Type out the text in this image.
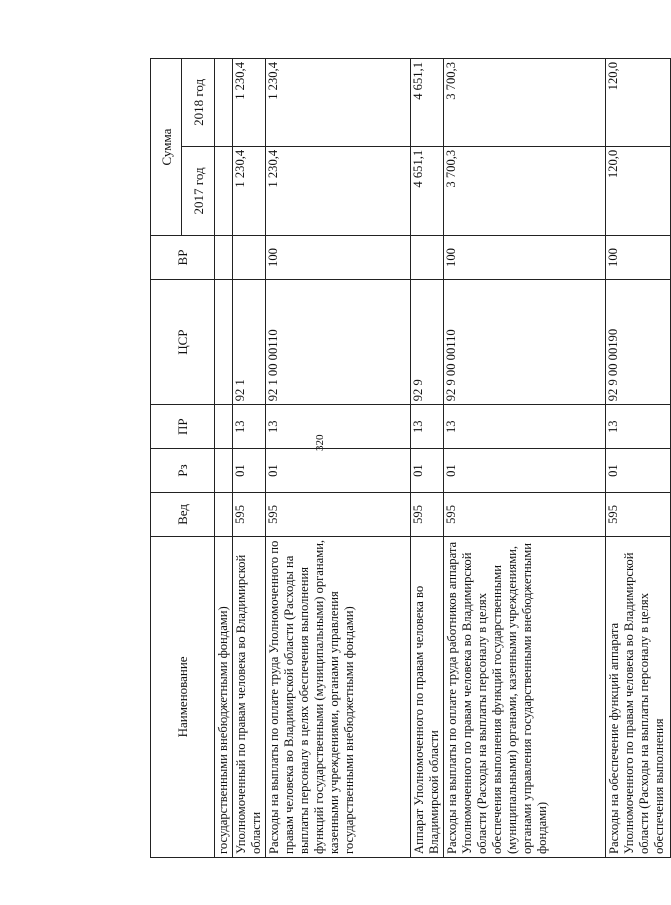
320
Наименование	Вед	Рз	ПР	ЦСР	ВР	Сумма	
						2017 год	2018 год
государственными внебюджетными фондами)							
Уполномоченный по правам человека во Владимирской области	595	01	13	92 1		1 230,4	1 230,4
Расходы на выплаты по оплате труда Уполномоченного по правам человека во Владимирской области (Расходы на выплаты персоналу в целях обеспечения выполнения функций государственными (муниципальными) органами, казенными учреждениями, органами управления государственными внебюджетными фондами)	595	01	13	92 1 00 00110	100	1 230,4	1 230,4
Аппарат Уполномоченного по правам человека во Владимирской области	595	01	13	92 9		4 651,1	4 651,1
Расходы на выплаты по оплате труда работников аппарата Уполномоченного по правам человека во Владимирской области (Расходы на выплаты персоналу в целях обеспечения выполнения функций государственными (муниципальными) органами, казенными учреждениями, органами управления государственными внебюджетными фондами)	595	01	13	92 9 00 00110	100	3 700,3	3 700,3
Расходы на обеспечение функций аппарата Уполномоченного по правам человека во Владимирской области (Расходы на выплаты персоналу в целях обеспечения выполнения	595	01	13	92 9 00 00190	100	120,0	120,0
